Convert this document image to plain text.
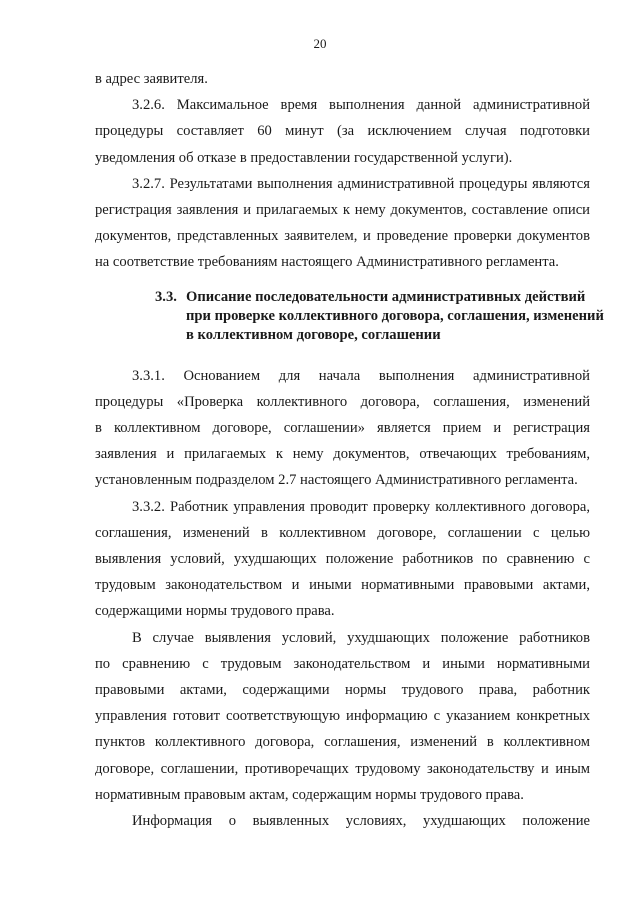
20
в адрес заявителя.
3.2.6. Максимальное время выполнения данной административной
процедуры составляет 60 минут (за исключением случая подготовки
уведомления об отказе в предоставлении государственной услуги).
3.2.7. Результатами выполнения административной процедуры являются
регистрация заявления и прилагаемых к нему документов, составление описи
документов, представленных заявителем, и проведение проверки документов
на соответствие требованиям настоящего Административного регламента.
3.3. Описание последовательности административных действий
при проверке коллективного договора, соглашения, изменений
в коллективном договоре, соглашении
3.3.1. Основанием для начала выполнения административной
процедуры «Проверка коллективного договора, соглашения, изменений
в коллективном договоре, соглашении» является прием и регистрация
заявления и прилагаемых к нему документов, отвечающих требованиям,
установленным подразделом 2.7 настоящего Административного регламента.
3.3.2. Работник управления проводит проверку коллективного договора,
соглашения, изменений в коллективном договоре, соглашении с целью
выявления условий, ухудшающих положение работников по сравнению с
трудовым законодательством и иными нормативными правовыми актами,
содержащими нормы трудового права.
В случае выявления условий, ухудшающих положение работников
по сравнению с трудовым законодательством и иными нормативными
правовыми актами, содержащими нормы трудового права, работник
управления готовит соответствующую информацию с указанием конкретных
пунктов коллективного договора, соглашения, изменений в коллективном
договоре, соглашении, противоречащих трудовому законодательству и иным
нормативным правовым актам, содержащим нормы трудового права.
Информация о выявленных условиях, ухудшающих положение
